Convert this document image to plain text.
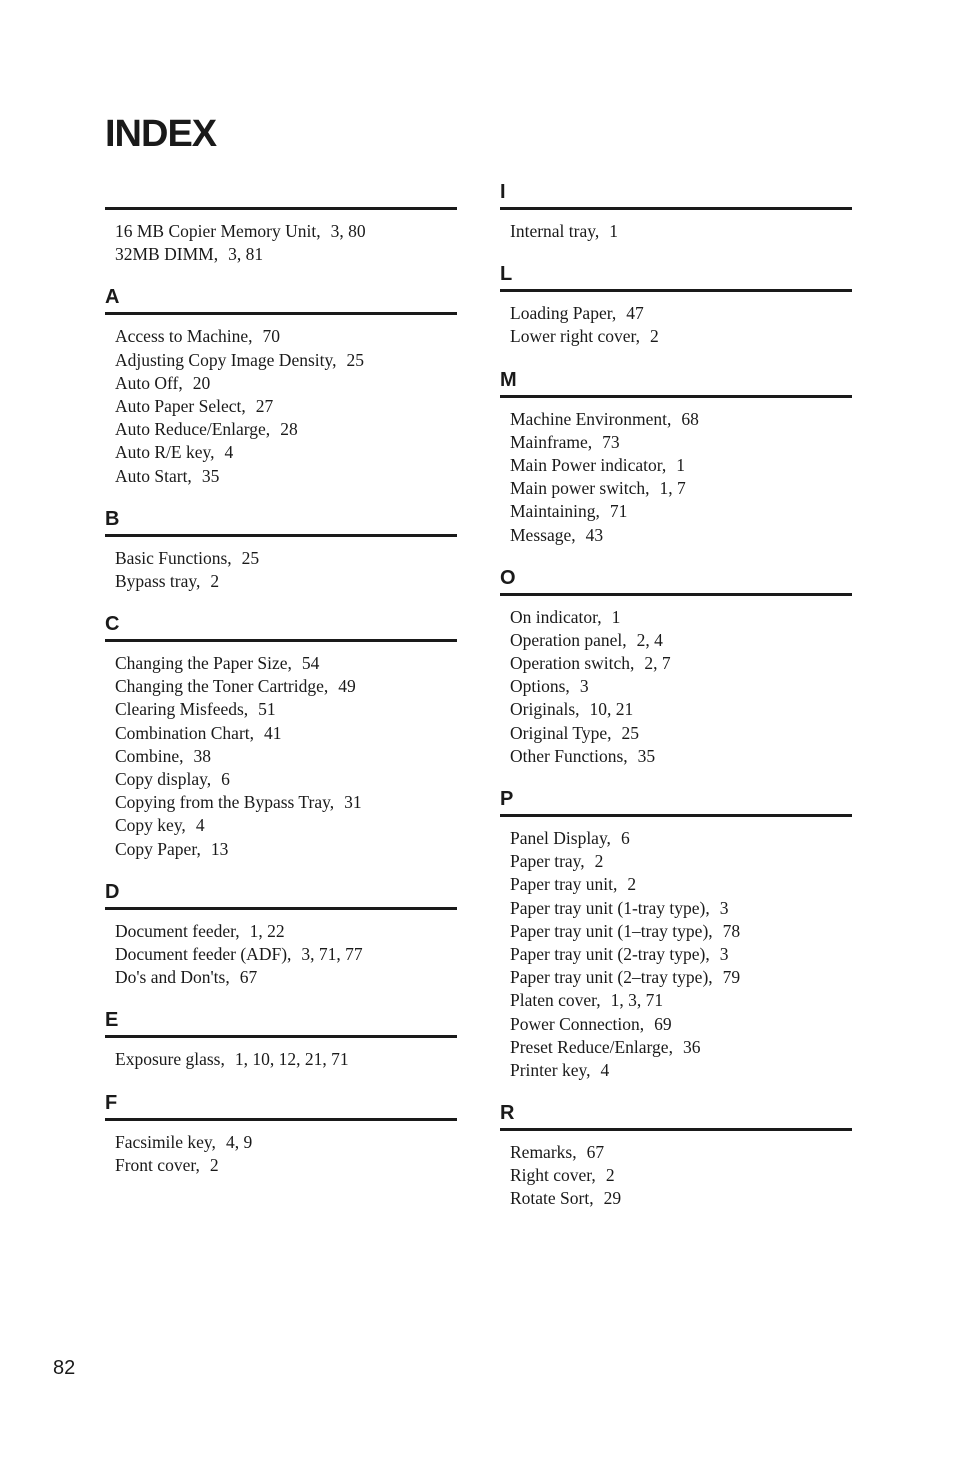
INDEX
16 MB Copier Memory Unit, 3, 80
32MB DIMM, 3, 81
A
Access to Machine, 70
Adjusting Copy Image Density, 25
Auto Off, 20
Auto Paper Select, 27
Auto Reduce/Enlarge, 28
Auto R/E key, 4
Auto Start, 35
B
Basic Functions, 25
Bypass tray, 2
C
Changing the Paper Size, 54
Changing the Toner Cartridge, 49
Clearing Misfeeds, 51
Combination Chart, 41
Combine, 38
Copy display, 6
Copying from the Bypass Tray, 31
Copy key, 4
Copy Paper, 13
D
Document feeder, 1, 22
Document feeder (ADF), 3, 71, 77
Do's and Don'ts, 67
E
Exposure glass, 1, 10, 12, 21, 71
F
Facsimile key, 4, 9
Front cover, 2
I
Internal tray, 1
L
Loading Paper, 47
Lower right cover, 2
M
Machine Environment, 68
Mainframe, 73
Main Power indicator, 1
Main power switch, 1, 7
Maintaining, 71
Message, 43
O
On indicator, 1
Operation panel, 2, 4
Operation switch, 2, 7
Options, 3
Originals, 10, 21
Original Type, 25
Other Functions, 35
P
Panel Display, 6
Paper tray, 2
Paper tray unit, 2
Paper tray unit (1-tray type), 3
Paper tray unit (1–tray type), 78
Paper tray unit (2-tray type), 3
Paper tray unit (2–tray type), 79
Platen cover, 1, 3, 71
Power Connection, 69
Preset Reduce/Enlarge, 36
Printer key, 4
R
Remarks, 67
Right cover, 2
Rotate Sort, 29
82
